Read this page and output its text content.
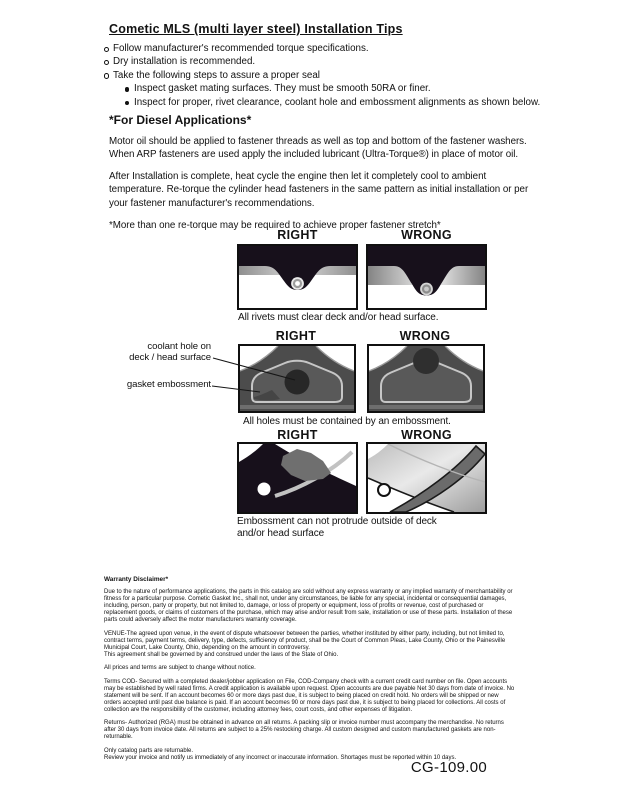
Cometic MLS (multi layer steel) Installation Tips
Follow manufacturer's recommended torque specifications.
Dry installation is recommended.
Take the following steps to assure a proper seal
Inspect gasket mating surfaces. They must be smooth 50RA or finer.
Inspect for proper, rivet clearance, coolant hole and embossment alignments as shown below.
*For Diesel Applications*

Motor oil should be applied to fastener threads as well as top and bottom of the fastener washers. When ARP fasteners are used apply the included lubricant (Ultra-Torque®) in place of motor oil.

After Installation is complete, heat cycle the engine then let it completely cool to ambient temperature. Re-torque the cylinder head fasteners in the same pattern as initial installation or per your fastener manufacturer's recommendations.

*More than one re-torque may be required to achieve proper fastener stretch*

RIGHT	WRONG
All rivets must clear deck and/or head surface.
RIGHT	WRONG
coolant hole on
deck / head surface
gasket embossment
All holes must be contained by an embossment.
RIGHT	WRONG
Embossment can not protrude outside of deck
and/or head surface
Warranty Disclaimer*

Due to the nature of performance applications, the parts in this catalog are sold without any express warranty or any implied warranty of merchantability or fitness for a particular purpose. Cometic Gasket Inc., shall not, under any circumstances, be liable for any special, incidental or consequential damages, including, person, party or property, but not limited to, damage, or loss of property or equipment, loss of profits or revenue, cost of purchased or replacement goods, or claims of customers of the purchase, which may arise and/or result from sale, installation or use of these parts. Installation of these parts could adversely affect the motor manufacturers warranty coverage.

VENUE-The agreed upon venue, in the event of dispute whatsoever between the parties, whether instituted by either party, including, but not limited to, contract terms, payment terms, delivery, type, defects, sufficiency of product, shall be the Court of Common Pleas, Lake County, Ohio or the Painesville Municipal Court, Lake County, Ohio, depending on the amount in controversy.

This agreement shall be governed by and construed under the laws of the State of Ohio.

All prices and terms are subject to change without notice.

Terms COD- Secured with a completed dealer/jobber application on File, COD-Company check with a current credit card number on file. Open accounts may be established by well rated firms. A credit application is available upon request. Open accounts are due payable Net 30 days from date of invoice. No statement will be sent. If an account becomes 60 or more days past due, it is subject to being placed on credit hold. No orders will be shipped or new orders accepted until past due balance is paid. If an account becomes 90 or more days past due, it is subject to being placed for collections. All costs of collection are the responsibility of the customer, including attorney fees, court costs, and other expenses of litigation.

Returns- Authorized (RGA) must be obtained in advance on all returns. A packing slip or invoice number must accompany the merchandise. No returns after 30 days from invoice date. All returns are subject to a 25% restocking charge. All custom designed and custom manufactured gaskets are non-returnable.

Only catalog parts are returnable.

Review your invoice and notify us immediately of any incorrect or inaccurate information. Shortages must be reported within 10 days.

CG-109.00
